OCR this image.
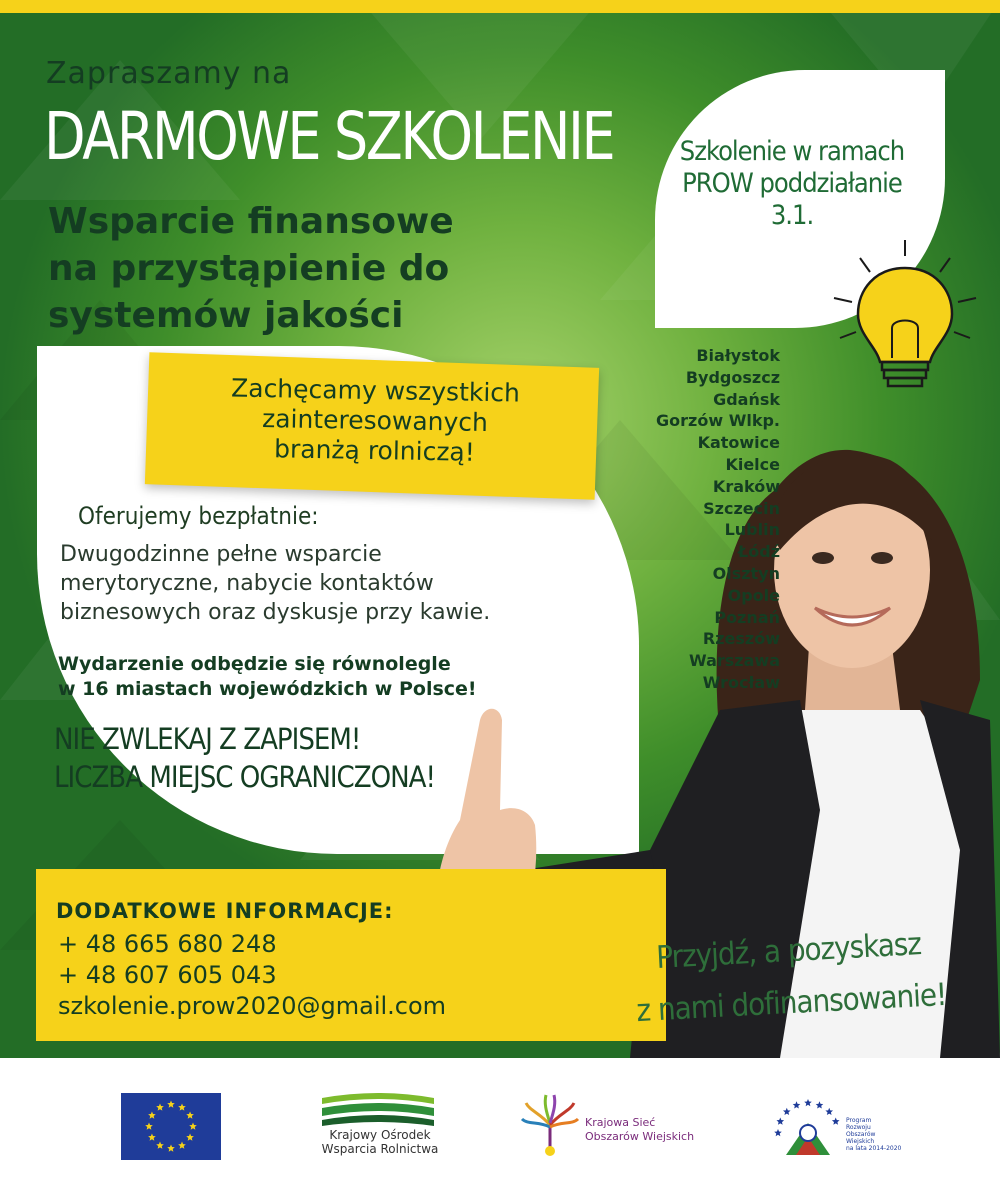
Zapraszamy na
DARMOWE SZKOLENIE
Wsparcie finansowe
na przystąpienie do
systemów jakości
Szkolenie w ramach
PROW poddziałanie
3.1.
Zachęcamy wszystkich
zainteresowanych
branżą rolniczą!
Oferujemy bezpłatnie:
Dwugodzinne pełne wsparcie
merytoryczne, nabycie kontaktów
biznesowych oraz dyskusje przy kawie.
Wydarzenie odbędzie się równolegle
w 16 miastach wojewódzkich w Polsce!
NIE ZWLEKAJ Z ZAPISEM!
LICZBA MIEJSC OGRANICZONA!
Białystok
Bydgoszcz
Gdańsk
Gorzów Wlkp.
Katowice
Kielce
Kraków
Szczecin
Lublin
Łódź
Olsztyn
Opole
Poznań
Rzeszów
Warszawa
Wrocław
DODATKOWE INFORMACJE:
+ 48 665 680 248
+ 48 607 605 043
szkolenie.prow2020@gmail.com
Przyjdź, a pozyskasz
z nami dofinansowanie!
Krajowy Ośrodek
Wsparcia Rolnictwa
Krajowa Sieć
Obszarów Wiejskich
Program
Rozwoju
Obszarów
Wiejskich
na lata 2014-2020
